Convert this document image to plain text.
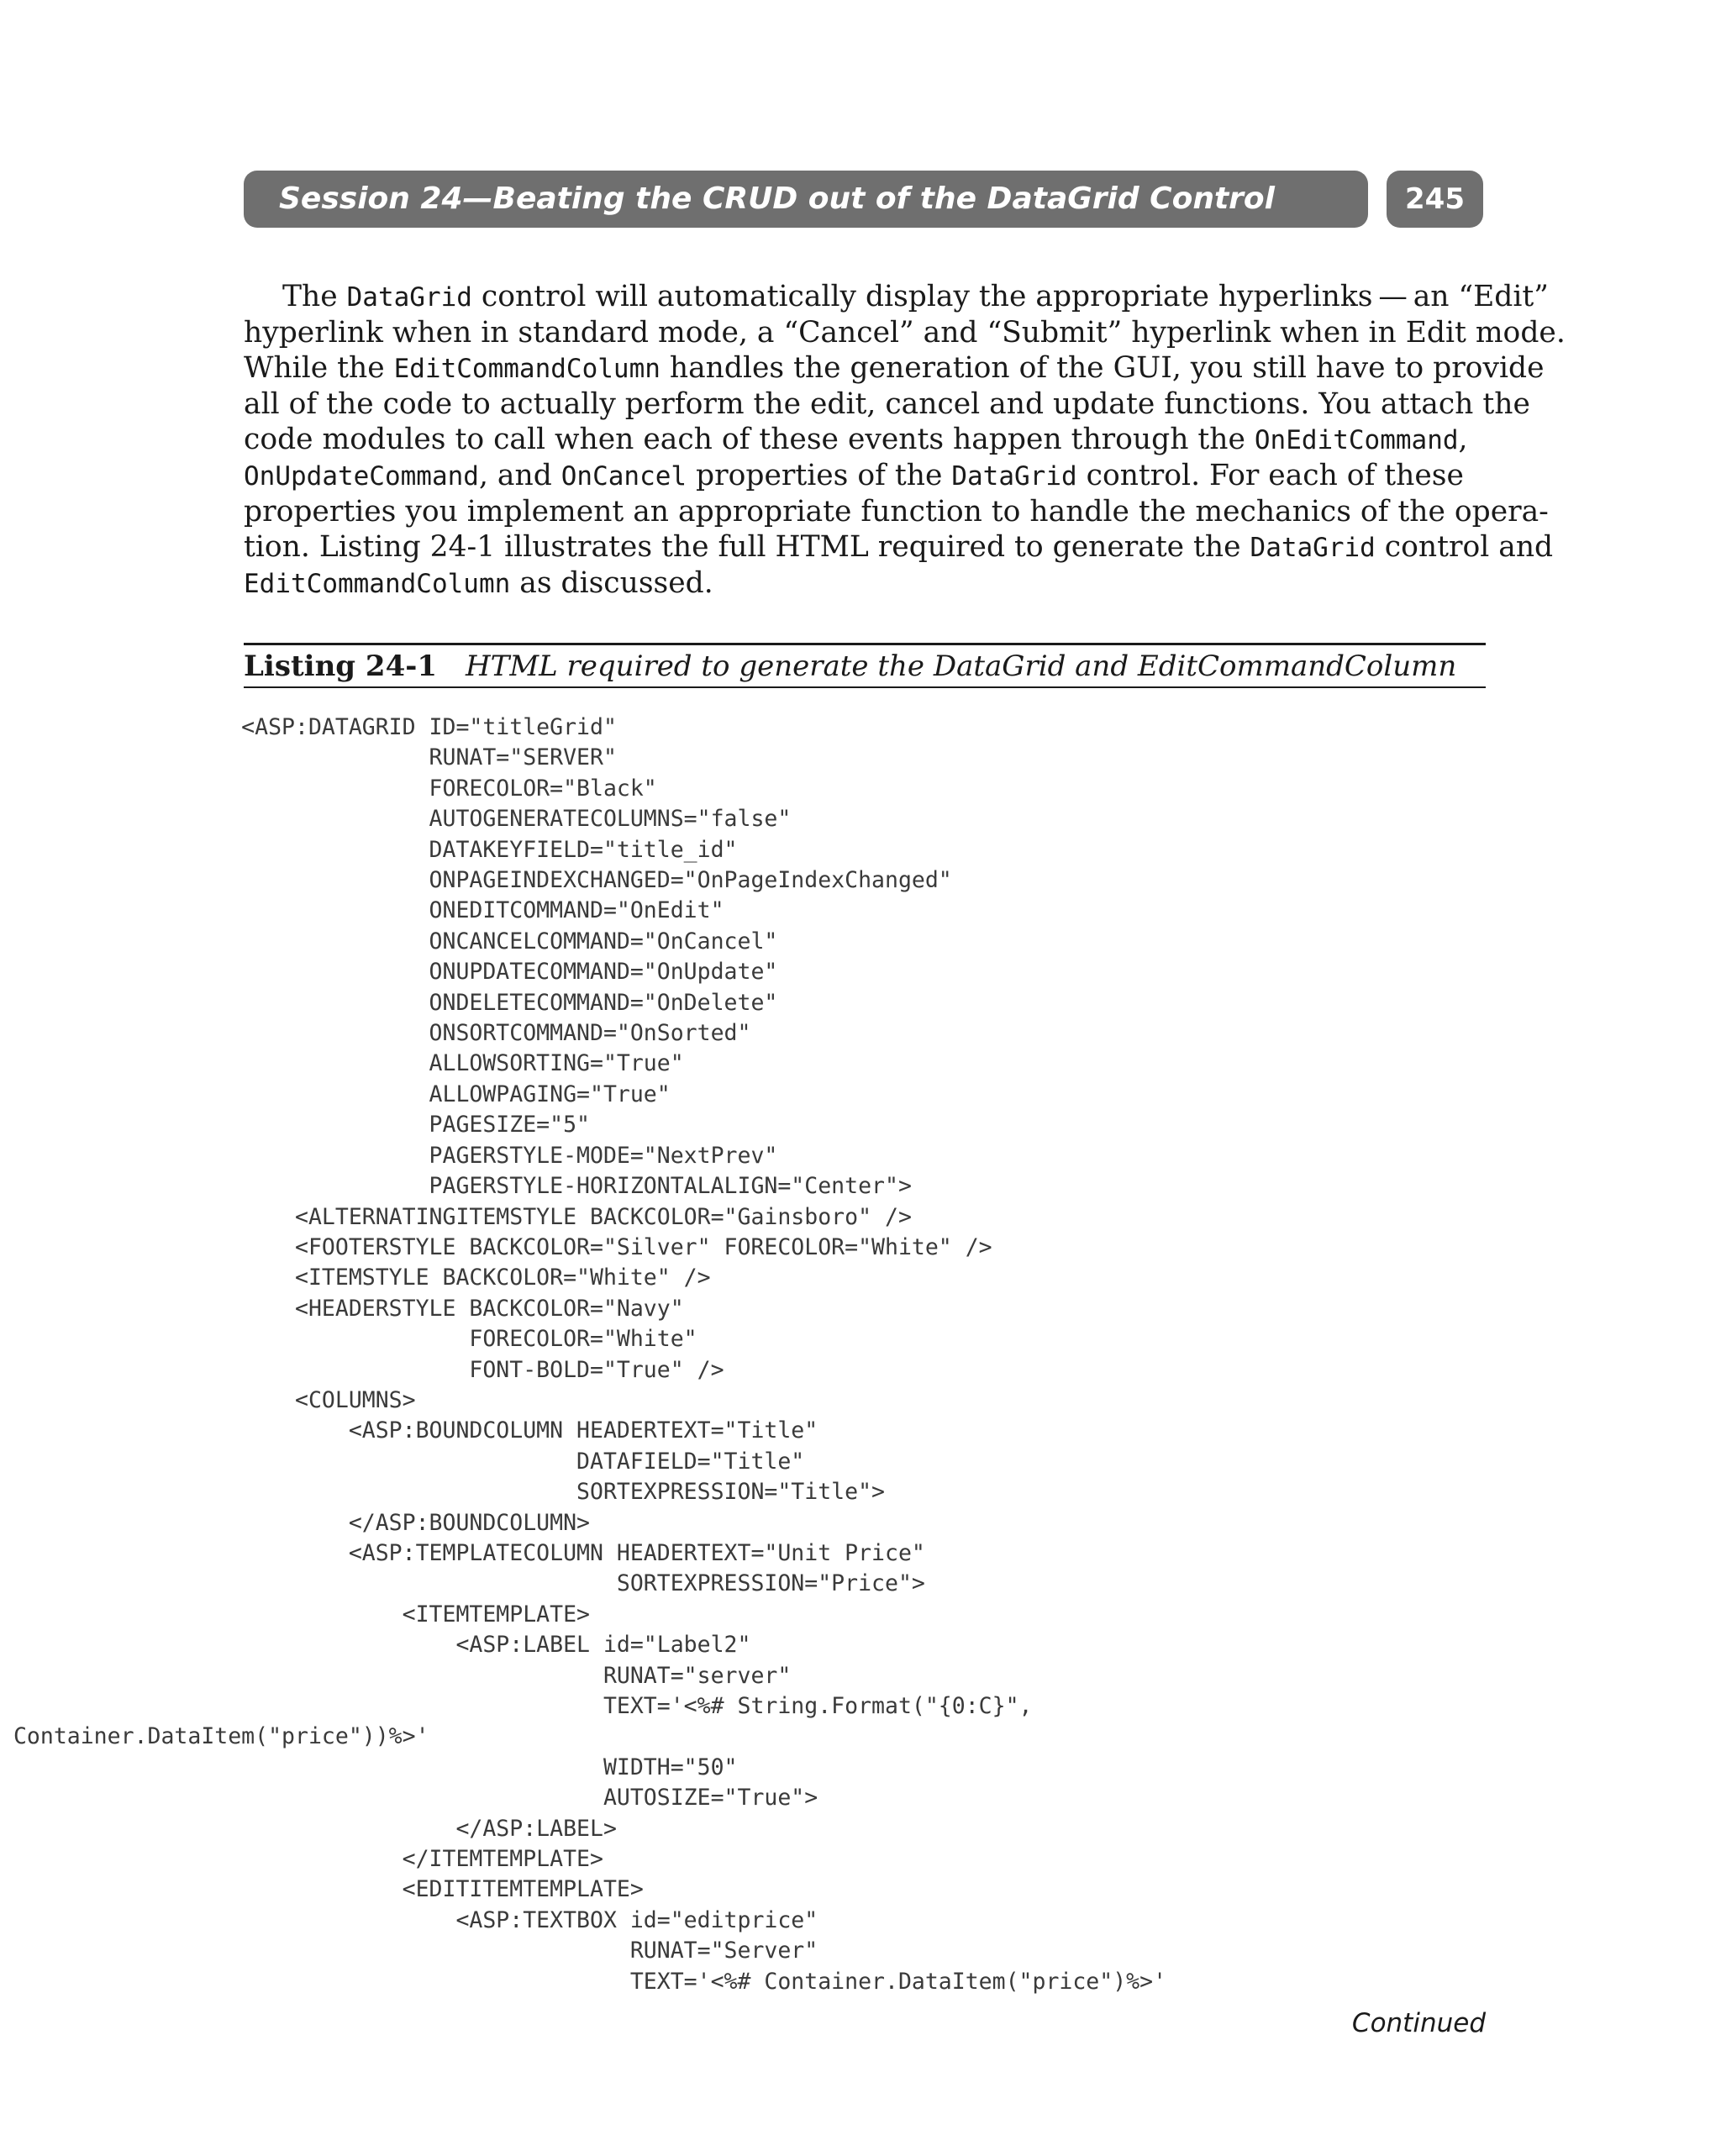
Session 24—Beating the CRUD out of the DataGrid Control	245

The DataGrid control will automatically display the appropriate hyperlinks — an “Edit”

hyperlink when in standard mode, a “Cancel” and “Submit” hyperlink when in Edit mode.

While the EditCommandColumn handles the generation of the GUI, you still have to provide

all of the code to actually perform the edit, cancel and update functions. You attach the

code modules to call when each of these events happen through the OnEditCommand,

OnUpdateCommand, and OnCancel properties of the DataGrid control. For each of these

properties you implement an appropriate function to handle the mechanics of the opera-

tion. Listing 24-1 illustrates the full HTML required to generate the DataGrid control and

EditCommandColumn as discussed.

Listing 24-1 HTML required to generate the DataGrid and EditCommandColumn
<ASP:DATAGRID ID="titleGrid"
RUNAT="SERVER"
FORECOLOR="Black"
AUTOGENERATECOLUMNS="false"
DATAKEYFIELD="title_id"
ONPAGEINDEXCHANGED="OnPageIndexChanged"
ONEDITCOMMAND="OnEdit"
ONCANCELCOMMAND="OnCancel"
ONUPDATECOMMAND="OnUpdate"
ONDELETECOMMAND="OnDelete"
ONSORTCOMMAND="OnSorted"
ALLOWSORTING="True"
ALLOWPAGING="True"
PAGESIZE="5"
PAGERSTYLE-MODE="NextPrev"
PAGERSTYLE-HORIZONTALALIGN="Center">
<ALTERNATINGITEMSTYLE BACKCOLOR="Gainsboro" />
<FOOTERSTYLE BACKCOLOR="Silver" FORECOLOR="White" />
<ITEMSTYLE BACKCOLOR="White" />
<HEADERSTYLE BACKCOLOR="Navy"
FORECOLOR="White"
FONT-BOLD="True" />
<COLUMNS>
<ASP:BOUNDCOLUMN HEADERTEXT="Title"
DATAFIELD="Title"
SORTEXPRESSION="Title">
</ASP:BOUNDCOLUMN>
<ASP:TEMPLATECOLUMN HEADERTEXT="Unit Price"
SORTEXPRESSION="Price">
<ITEMTEMPLATE>
<ASP:LABEL id="Label2"
RUNAT="server"
TEXT='<%# String.Format("{0:C}",
Container.DataItem("price"))%>'
WIDTH="50"
AUTOSIZE="True">
</ASP:LABEL>
</ITEMTEMPLATE>
<EDITITEMTEMPLATE>
<ASP:TEXTBOX id="editprice"
RUNAT="Server"
TEXT='<%# Container.DataItem("price")%>'
Continued
